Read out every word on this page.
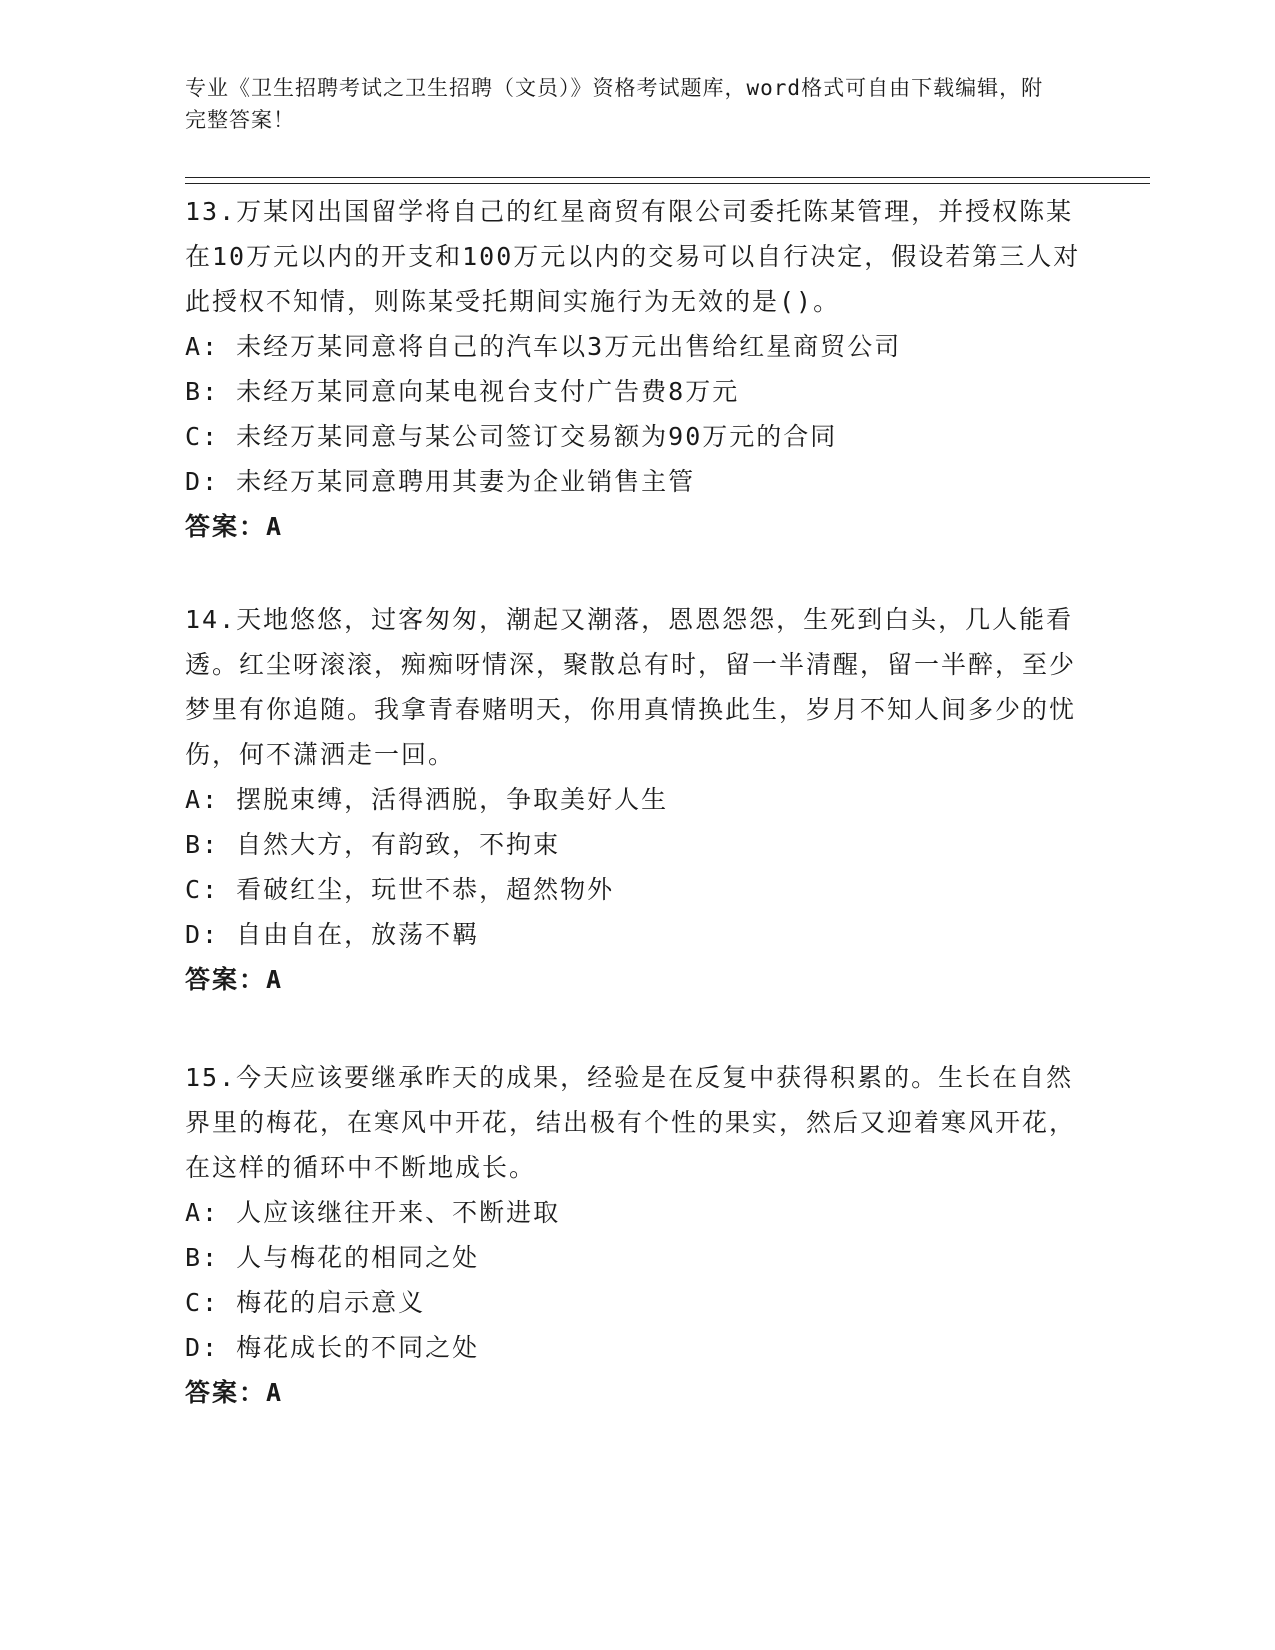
专业《卫生招聘考试之卫生招聘（文员）》资格考试题库，word格式可自由下载编辑，附完整答案！
13.万某冈出国留学将自己的红星商贸有限公司委托陈某管理，并授权陈某在10万元以内的开支和100万元以内的交易可以自行决定，假设若第三人对此授权不知情，则陈某受托期间实施行为无效的是()。
A: 未经万某同意将自己的汽车以3万元出售给红星商贸公司
B: 未经万某同意向某电视台支付广告费8万元
C: 未经万某同意与某公司签订交易额为90万元的合同
D: 未经万某同意聘用其妻为企业销售主管
答案：A
14.天地悠悠，过客匆匆，潮起又潮落，恩恩怨怨，生死到白头，几人能看透。红尘呀滚滚，痴痴呀情深，聚散总有时，留一半清醒，留一半醉，至少梦里有你追随。我拿青春赌明天，你用真情换此生，岁月不知人间多少的忧伤，何不潇洒走一回。
A: 摆脱束缚，活得洒脱，争取美好人生
B: 自然大方，有韵致，不拘束
C: 看破红尘，玩世不恭，超然物外
D: 自由自在，放荡不羁
答案：A
15.今天应该要继承昨天的成果，经验是在反复中获得积累的。生长在自然界里的梅花，在寒风中开花，结出极有个性的果实，然后又迎着寒风开花，在这样的循环中不断地成长。
A: 人应该继往开来、不断进取
B: 人与梅花的相同之处
C: 梅花的启示意义
D: 梅花成长的不同之处
答案：A
